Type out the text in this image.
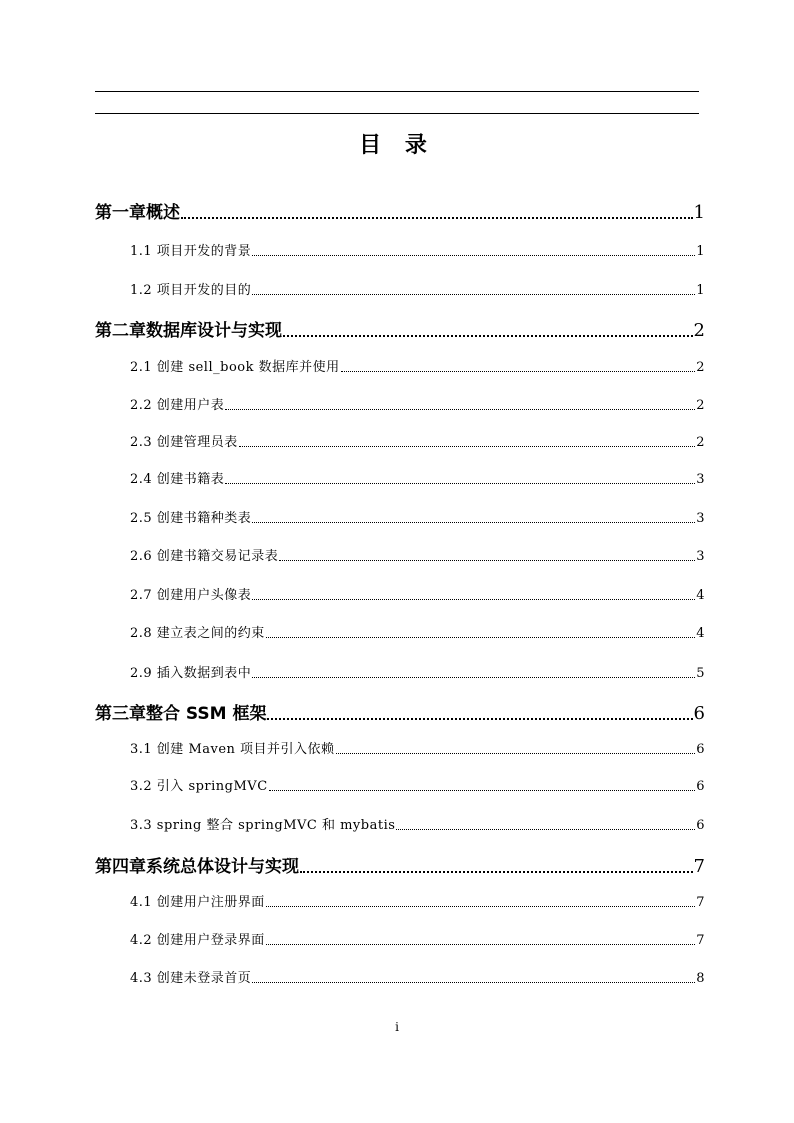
目 录
第一章概述	1
1.1 项目开发的背景	1
1.2 项目开发的目的	1
第二章数据库设计与实现	2
2.1 创建 sell_book 数据库并使用	2
2.2 创建用户表	2
2.3 创建管理员表	2
2.4 创建书籍表	3
2.5 创建书籍种类表	3
2.6 创建书籍交易记录表	3
2.7 创建用户头像表	4
2.8 建立表之间的约束	4
2.9 插入数据到表中	5
第三章整合 SSM 框架	6
3.1 创建 Maven 项目并引入依赖	6
3.2 引入 springMVC	6
3.3 spring 整合 springMVC 和 mybatis	6
第四章系统总体设计与实现	7
4.1 创建用户注册界面	7
4.2 创建用户登录界面	7
4.3 创建未登录首页	8
i
